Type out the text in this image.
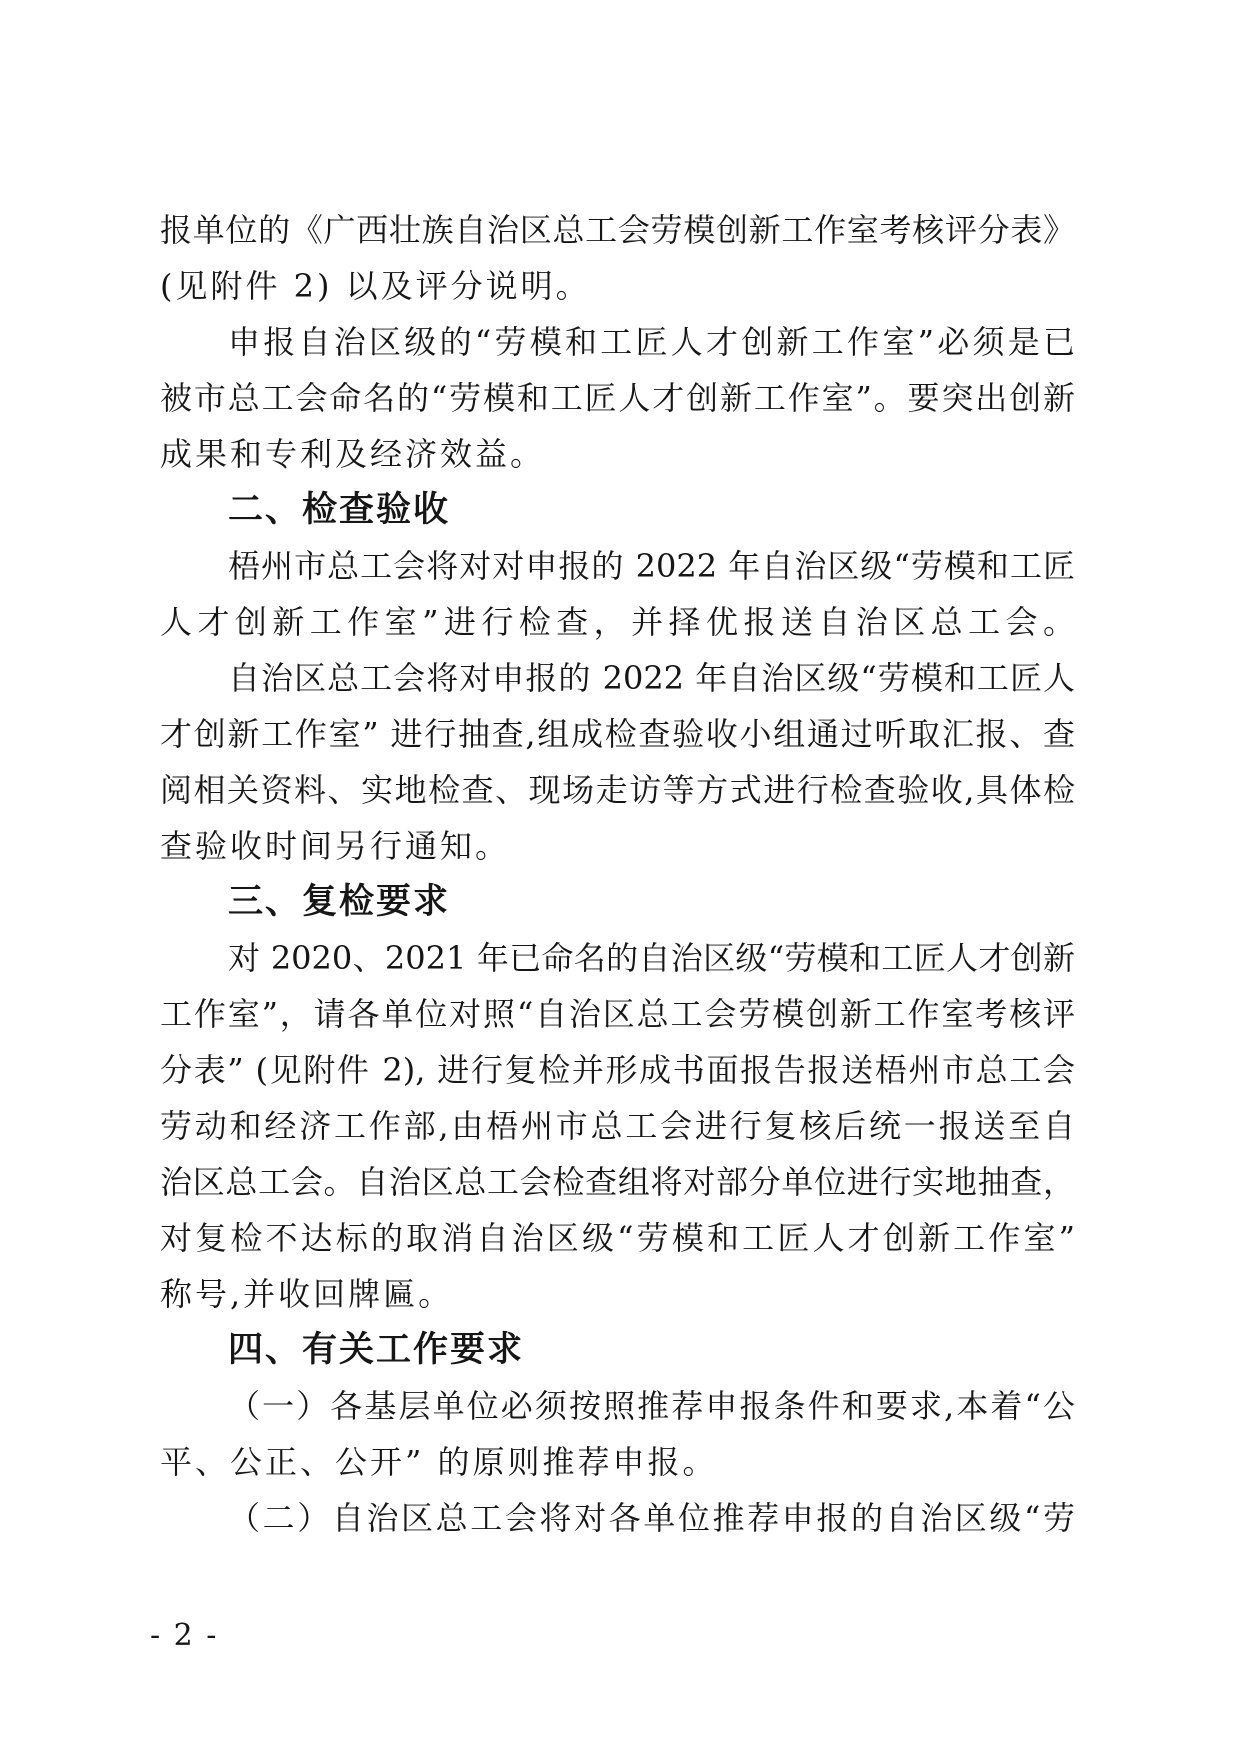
报单位的《广西壮族自治区总工会劳模创新工作室考核评分表》
(见附件 2) 以及评分说明。
申报自治区级的“劳模和工匠人才创新工作室”必须是已
被市总工会命名的“劳模和工匠人才创新工作室”。要突出创新
成果和专利及经济效益。
二、检查验收
梧州市总工会将对对申报的 2022 年自治区级“劳模和工匠
人才创新工作室”进行检查，并择优报送自治区总工会。
自治区总工会将对申报的 2022 年自治区级“劳模和工匠人
才创新工作室” 进行抽查,组成检查验收小组通过听取汇报、查
阅相关资料、实地检查、现场走访等方式进行检查验收,具体检
查验收时间另行通知。
三、复检要求
对 2020、2021 年已命名的自治区级“劳模和工匠人才创新
工作室”，请各单位对照“自治区总工会劳模创新工作室考核评
分表” (见附件 2), 进行复检并形成书面报告报送梧州市总工会
劳动和经济工作部,由梧州市总工会进行复核后统一报送至自
治区总工会。自治区总工会检查组将对部分单位进行实地抽查，
对复检不达标的取消自治区级“劳模和工匠人才创新工作室”
称号,并收回牌匾。
四、有关工作要求
（一）各基层单位必须按照推荐申报条件和要求,本着“公
平、公正、公开” 的原则推荐申报。
（二）自治区总工会将对各单位推荐申报的自治区级“劳
- 2 -
